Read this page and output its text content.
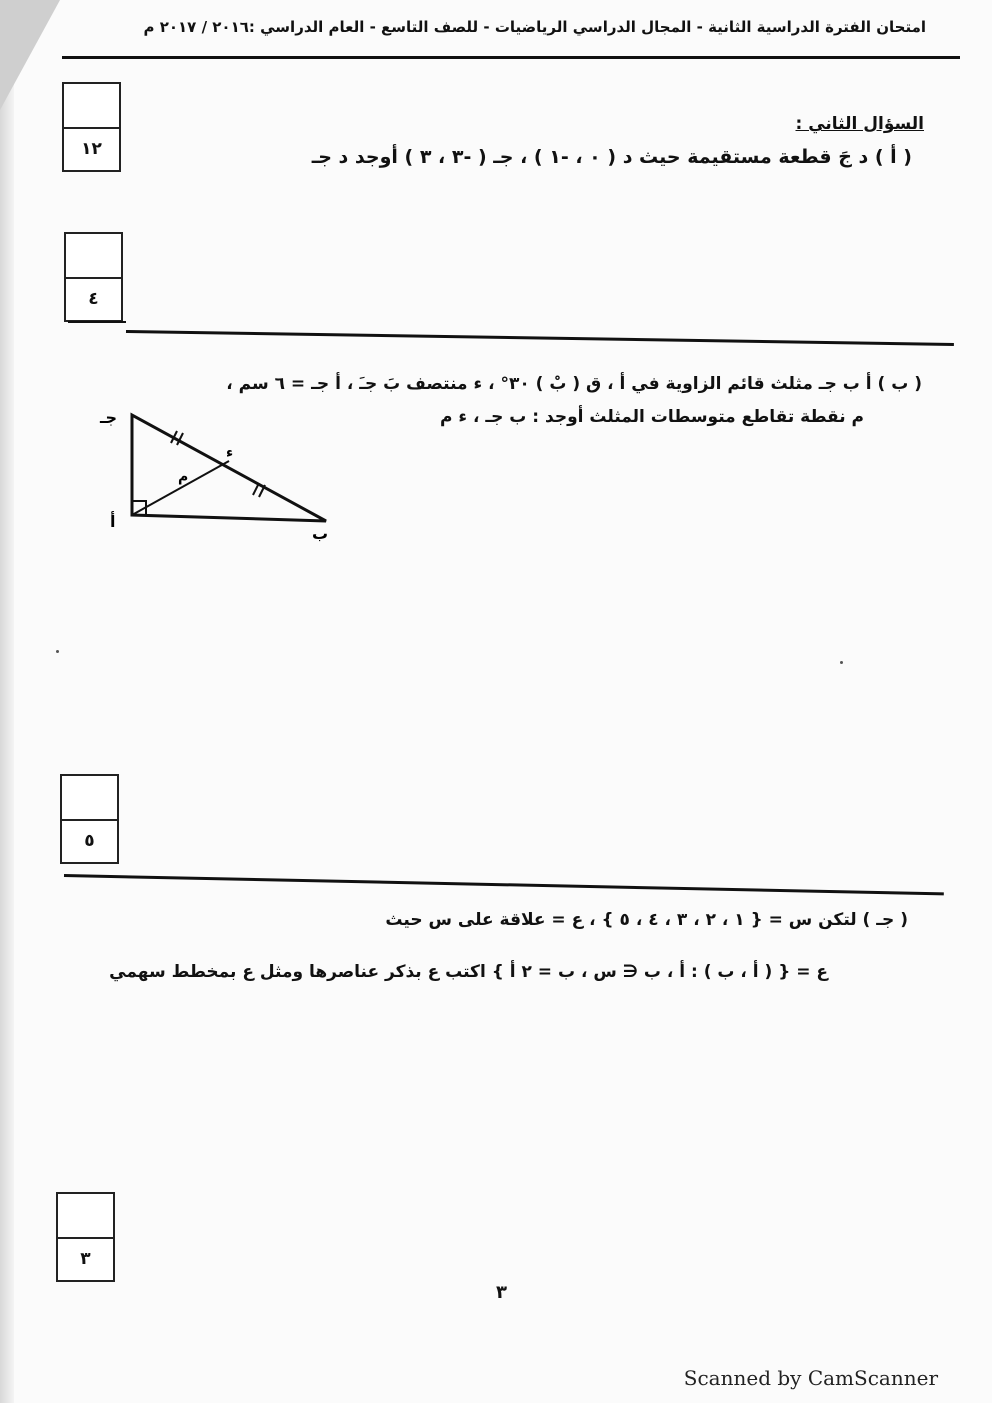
امتحان الفترة الدراسية الثانية - المجال الدراسي الرياضيات - للصف التاسع - العام الدراسي :٢٠١٦ / ٢٠١٧ م
١٢
السؤال الثاني :
( أ ) د جَ قطعة مستقيمة حيث د ( ٠ ، -١ ) ، جـ ( -٣ ، ٣ ) أوجد د جـ
٤
( ب ) أ ب جـ مثلث قائم الزاوية في أ ، ق ( بْ ) ٣٠° ، ء منتصف بَ جـَ ، أ جـ = ٦ سم ،
م نقطة تقاطع متوسطات المثلث أوجد : ب جـ ، ء م
جـ
أ
ب
ء
م
٥
( جـ ) لتكن س = { ١ ، ٢ ، ٣ ، ٤ ، ٥ } ، ع = علاقة على س حيث
ع = { ( أ ، ب ) : أ ، ب ∈ س ، ب = ٢ أ } اكتب ع بذكر عناصرها ومثل ع بمخطط سهمي
٣
٣
Scanned by CamScanner
